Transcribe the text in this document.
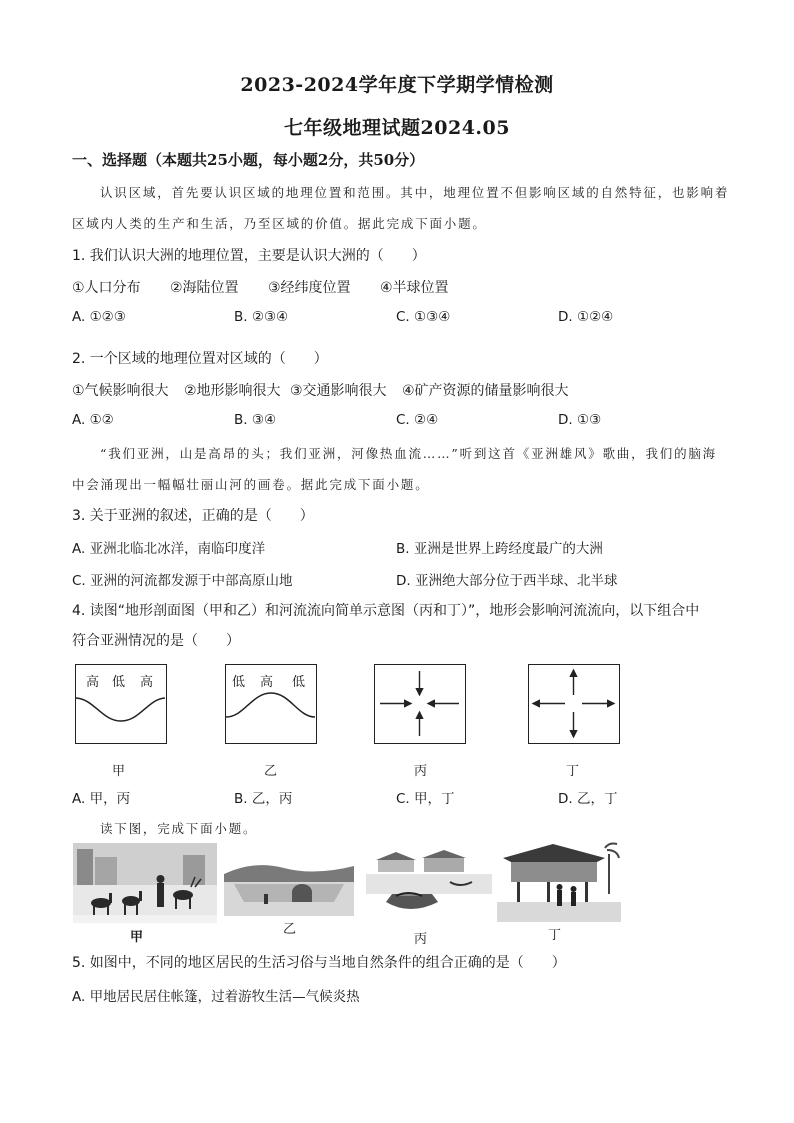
2023-2024学年度下学期学情检测
七年级地理试题2024.05
一、选择题（本题共25小题，每小题2分，共50分）
认识区域，首先要认识区域的地理位置和范围。其中，地理位置不但影响区域的自然特征，也影响着
区域内人类的生产和生活，乃至区域的价值。据此完成下面小题。
1. 我们认识大洲的地理位置，主要是认识大洲的（　　）
①人口分布 ②海陆位置 ③经纬度位置 ④半球位置
A. ①②③	B. ②③④	C. ①③④	D. ①②④
2. 一个区域的地理位置对区域的（　　）
①气候影响很大 ②地形影响很大 ③交通影响很大 ④矿产资源的储量影响很大
A. ①②	B. ③④	C. ②④	D. ①③
“我们亚洲，山是高昂的头；我们亚洲，河像热血流……”听到这首《亚洲雄风》歌曲，我们的脑海
中会涌现出一幅幅壮丽山河的画卷。据此完成下面小题。
3. 关于亚洲的叙述，正确的是（　　）
A. 亚洲北临北冰洋，南临印度洋	B. 亚洲是世界上跨经度最广的大洲
C. 亚洲的河流都发源于中部高原山地	D. 亚洲绝大部分位于西半球、北半球
4. 读图“地形剖面图（甲和乙）和河流流向简单示意图（丙和丁）”，地形会影响河流流向，以下组合中
符合亚洲情况的是（　　）
高 低 高
甲
低 高 低
乙	丙	丁
A. 甲，丙	B. 乙，丙	C. 甲，丁	D. 乙，丁
读下图，完成下面小题。
甲
乙
丙	丁
5. 如图中，不同的地区居民的生活习俗与当地自然条件的组合正确的是（　　）
A. 甲地居民居住帐篷，过着游牧生活—气候炎热
